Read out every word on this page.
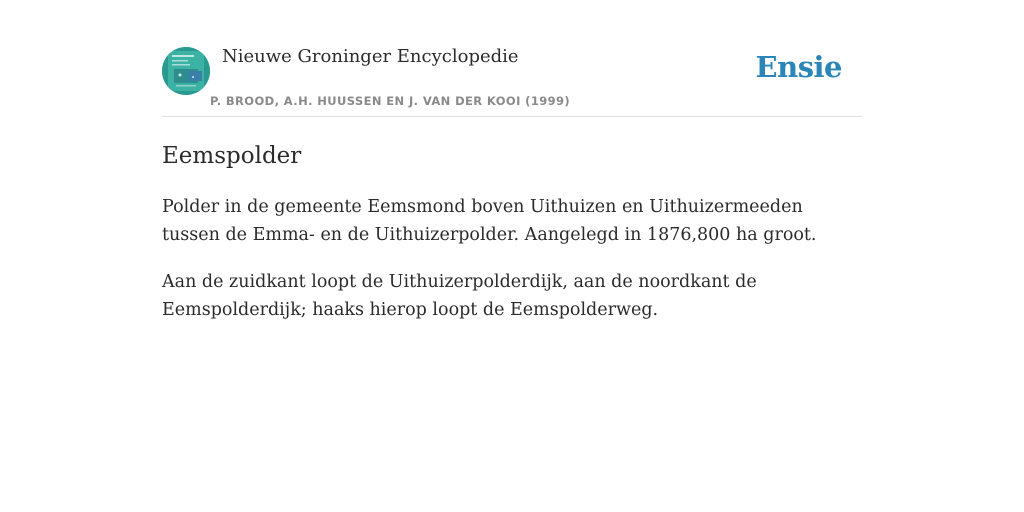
Nieuwe Groninger Encyclopedie
P. BROOD, A.H. HUUSSEN EN J. VAN DER KOOI (1999)
Ensie
Eemspolder

Polder in de gemeente Eemsmond boven Uithuizen en Uithuizermeeden tussen de Emma- en de Uithuizerpolder. Aangelegd in 1876,800 ha groot.

Aan de zuidkant loopt de Uithuizerpolderdijk, aan de noordkant de Eemspolderdijk; haaks hierop loopt de Eemspolderweg.
